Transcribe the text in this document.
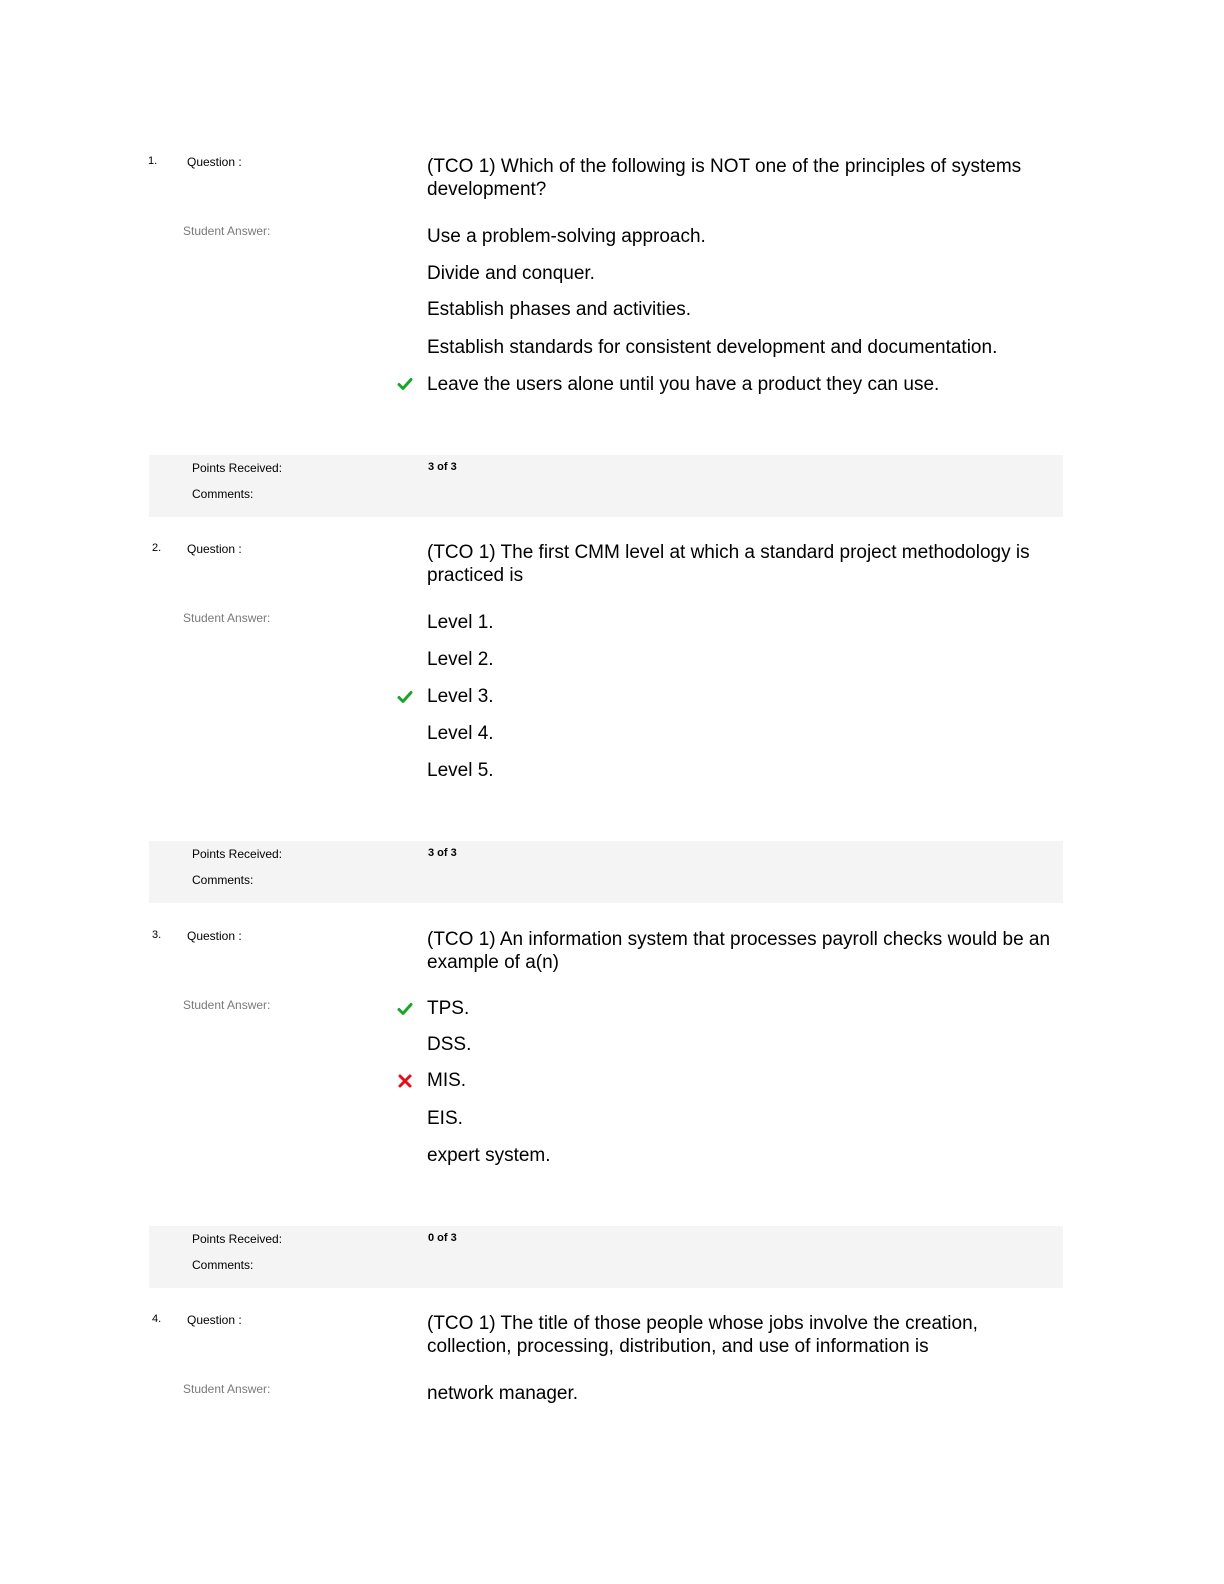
1. Question :	(TCO 1) Which of the following is NOT one of the principles of systems development?
Student Answer:	Use a problem-solving approach.
Divide and conquer.
Establish phases and activities.
Establish standards for consistent development and documentation.
Leave the users alone until you have a product they can use.
Points Received:	3 of 3
Comments:
2. Question :	(TCO 1) The first CMM level at which a standard project methodology is practiced is
Student Answer:	Level 1.
Level 2.
Level 3.
Level 4.
Level 5.
Points Received:	3 of 3
Comments:
3. Question :	(TCO 1) An information system that processes payroll checks would be an example of a(n)
Student Answer:	TPS.
DSS.
MIS.
EIS.
expert system.
Points Received:	0 of 3
Comments:
4. Question :	(TCO 1) The title of those people whose jobs involve the creation, collection, processing, distribution, and use of information is
Student Answer:	network manager.
